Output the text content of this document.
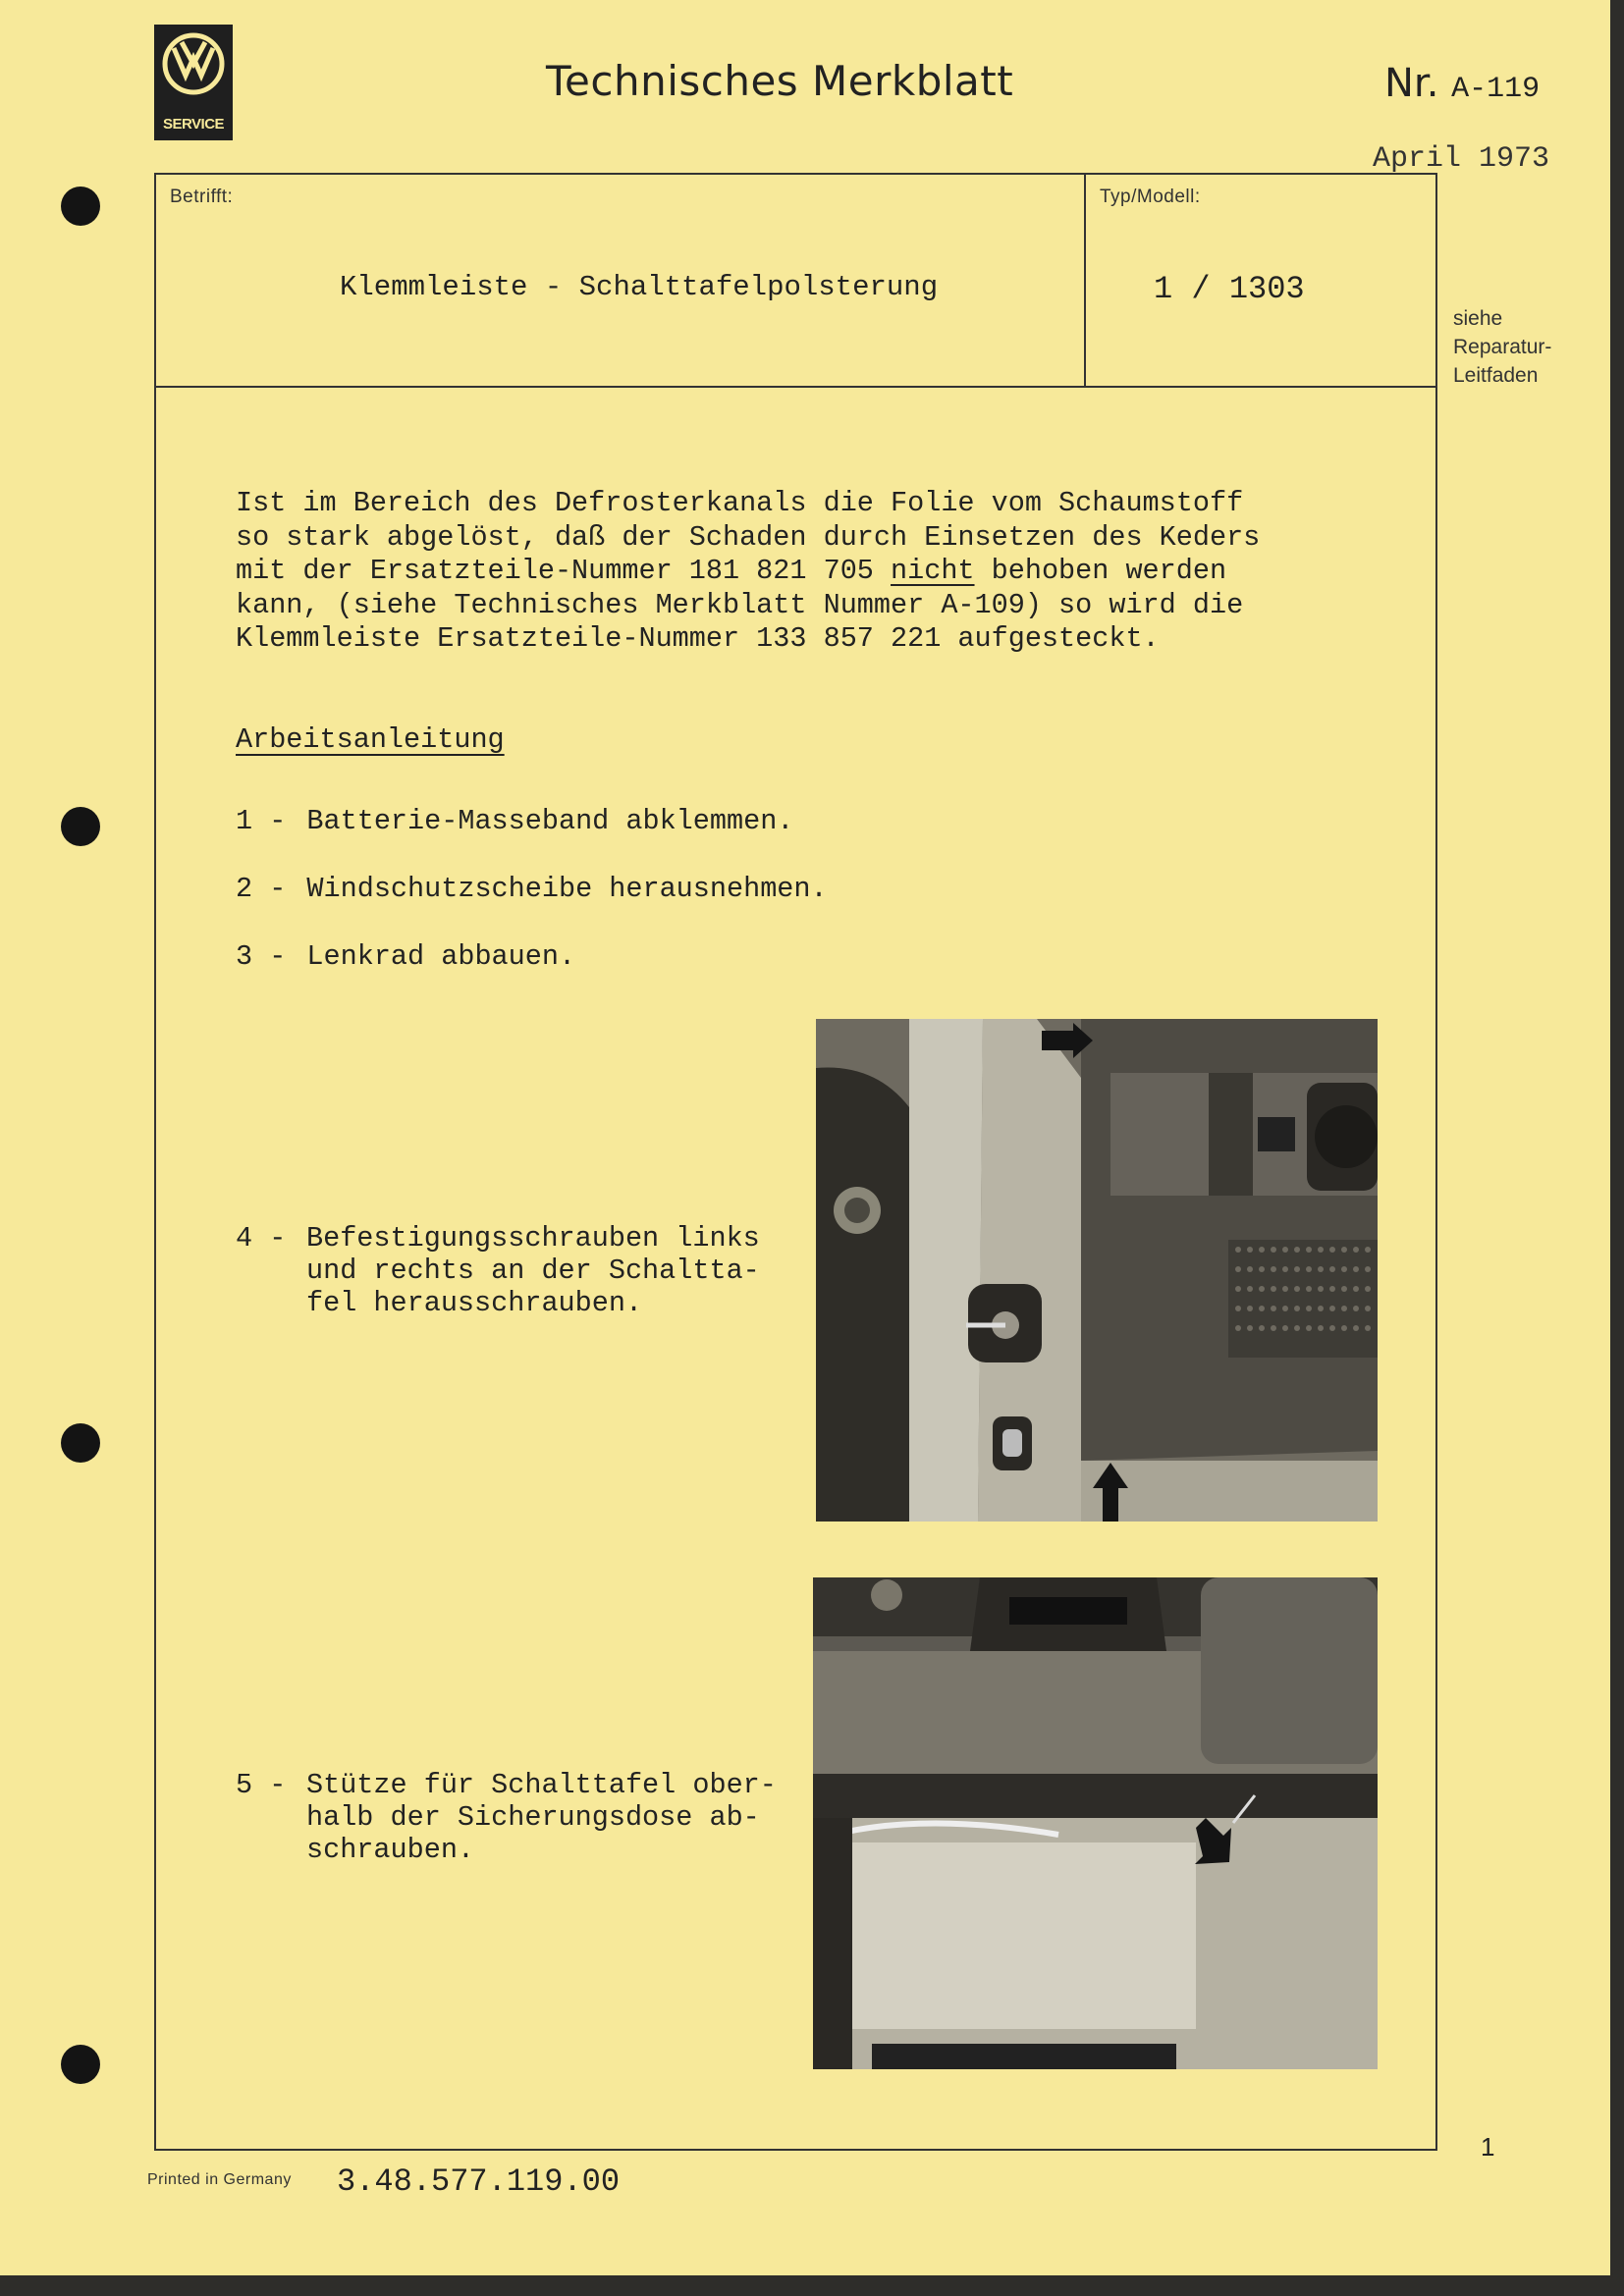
SERVICE
Technisches Merkblatt	Nr. A-119
April 1973
Betrifft:	Typ/Modell:
Klemmleiste - Schalttafelpolsterung	1 / 1303
siehe
Reparatur-
Leitfaden
Ist im Bereich des Defrosterkanals die Folie vom Schaumstoff
so stark abgelöst, daß der Schaden durch Einsetzen des Keders
mit der Ersatzteile-Nummer 181 821 705 nicht behoben werden
kann, (siehe Technisches Merkblatt Nummer A-109) so wird die
Klemmleiste Ersatzteile-Nummer 133 857 221 aufgesteckt.
Arbeitsanleitung
1 - Batterie-Masseband abklemmen.
2 - Windschutzscheibe herausnehmen.
3 - Lenkrad abbauen.
4 - Befestigungsschrauben links
und rechts an der Schaltta-
fel herausschrauben.
5 - Stütze für Schalttafel ober-
halb der Sicherungsdose ab-
schrauben.
1
Printed in Germany 3.48.577.119.00
